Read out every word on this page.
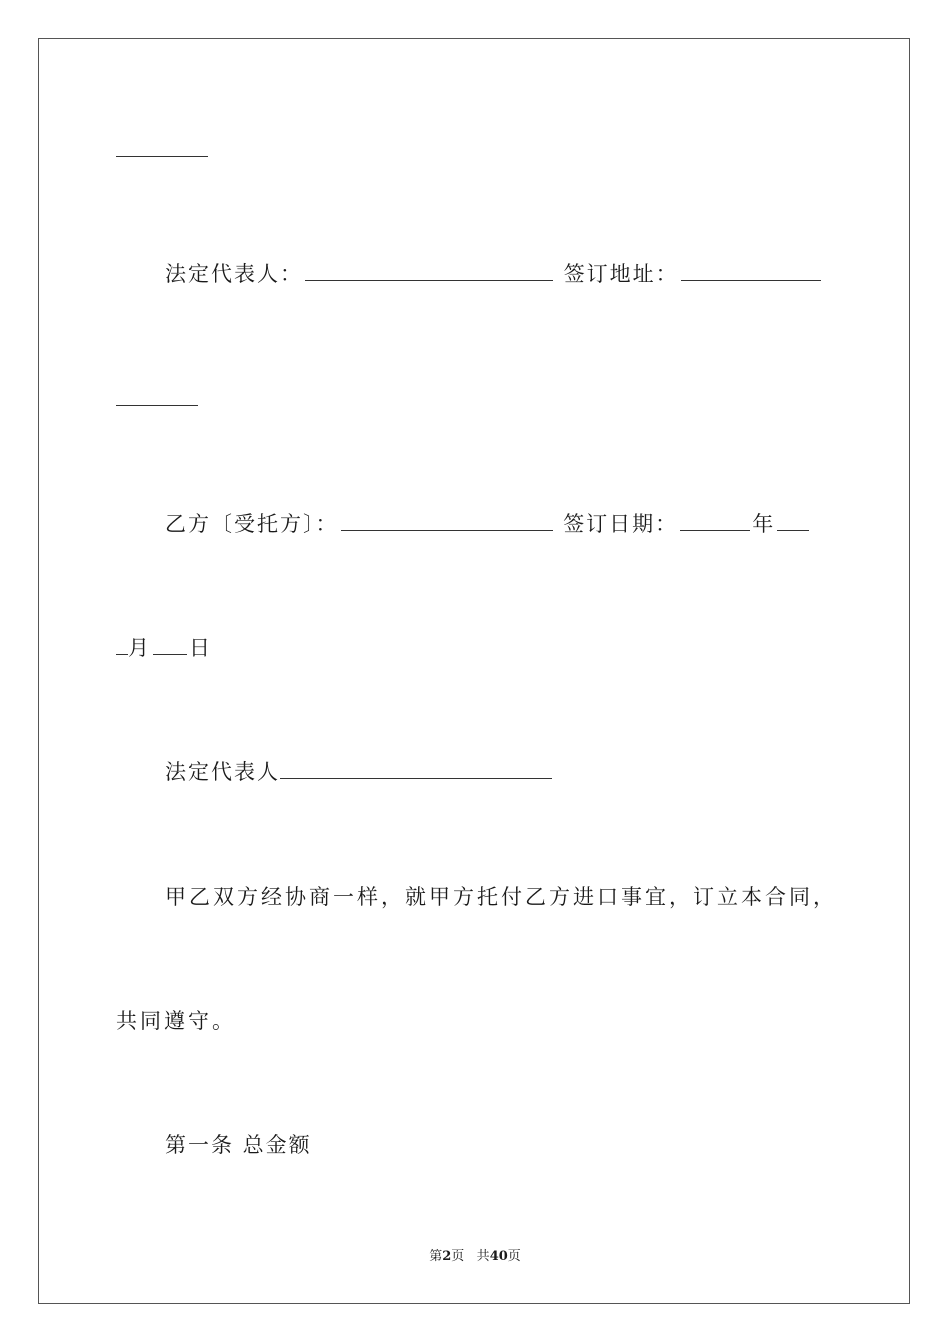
法定代表人：	签订地址：
乙方〔受托方〕：	签订日期：	年
月 日
法定代表人
甲乙双方经协商一样，就甲方托付乙方进口事宜，订立本合同，
共同遵守。
第一条 总金额
第2页 共40页
